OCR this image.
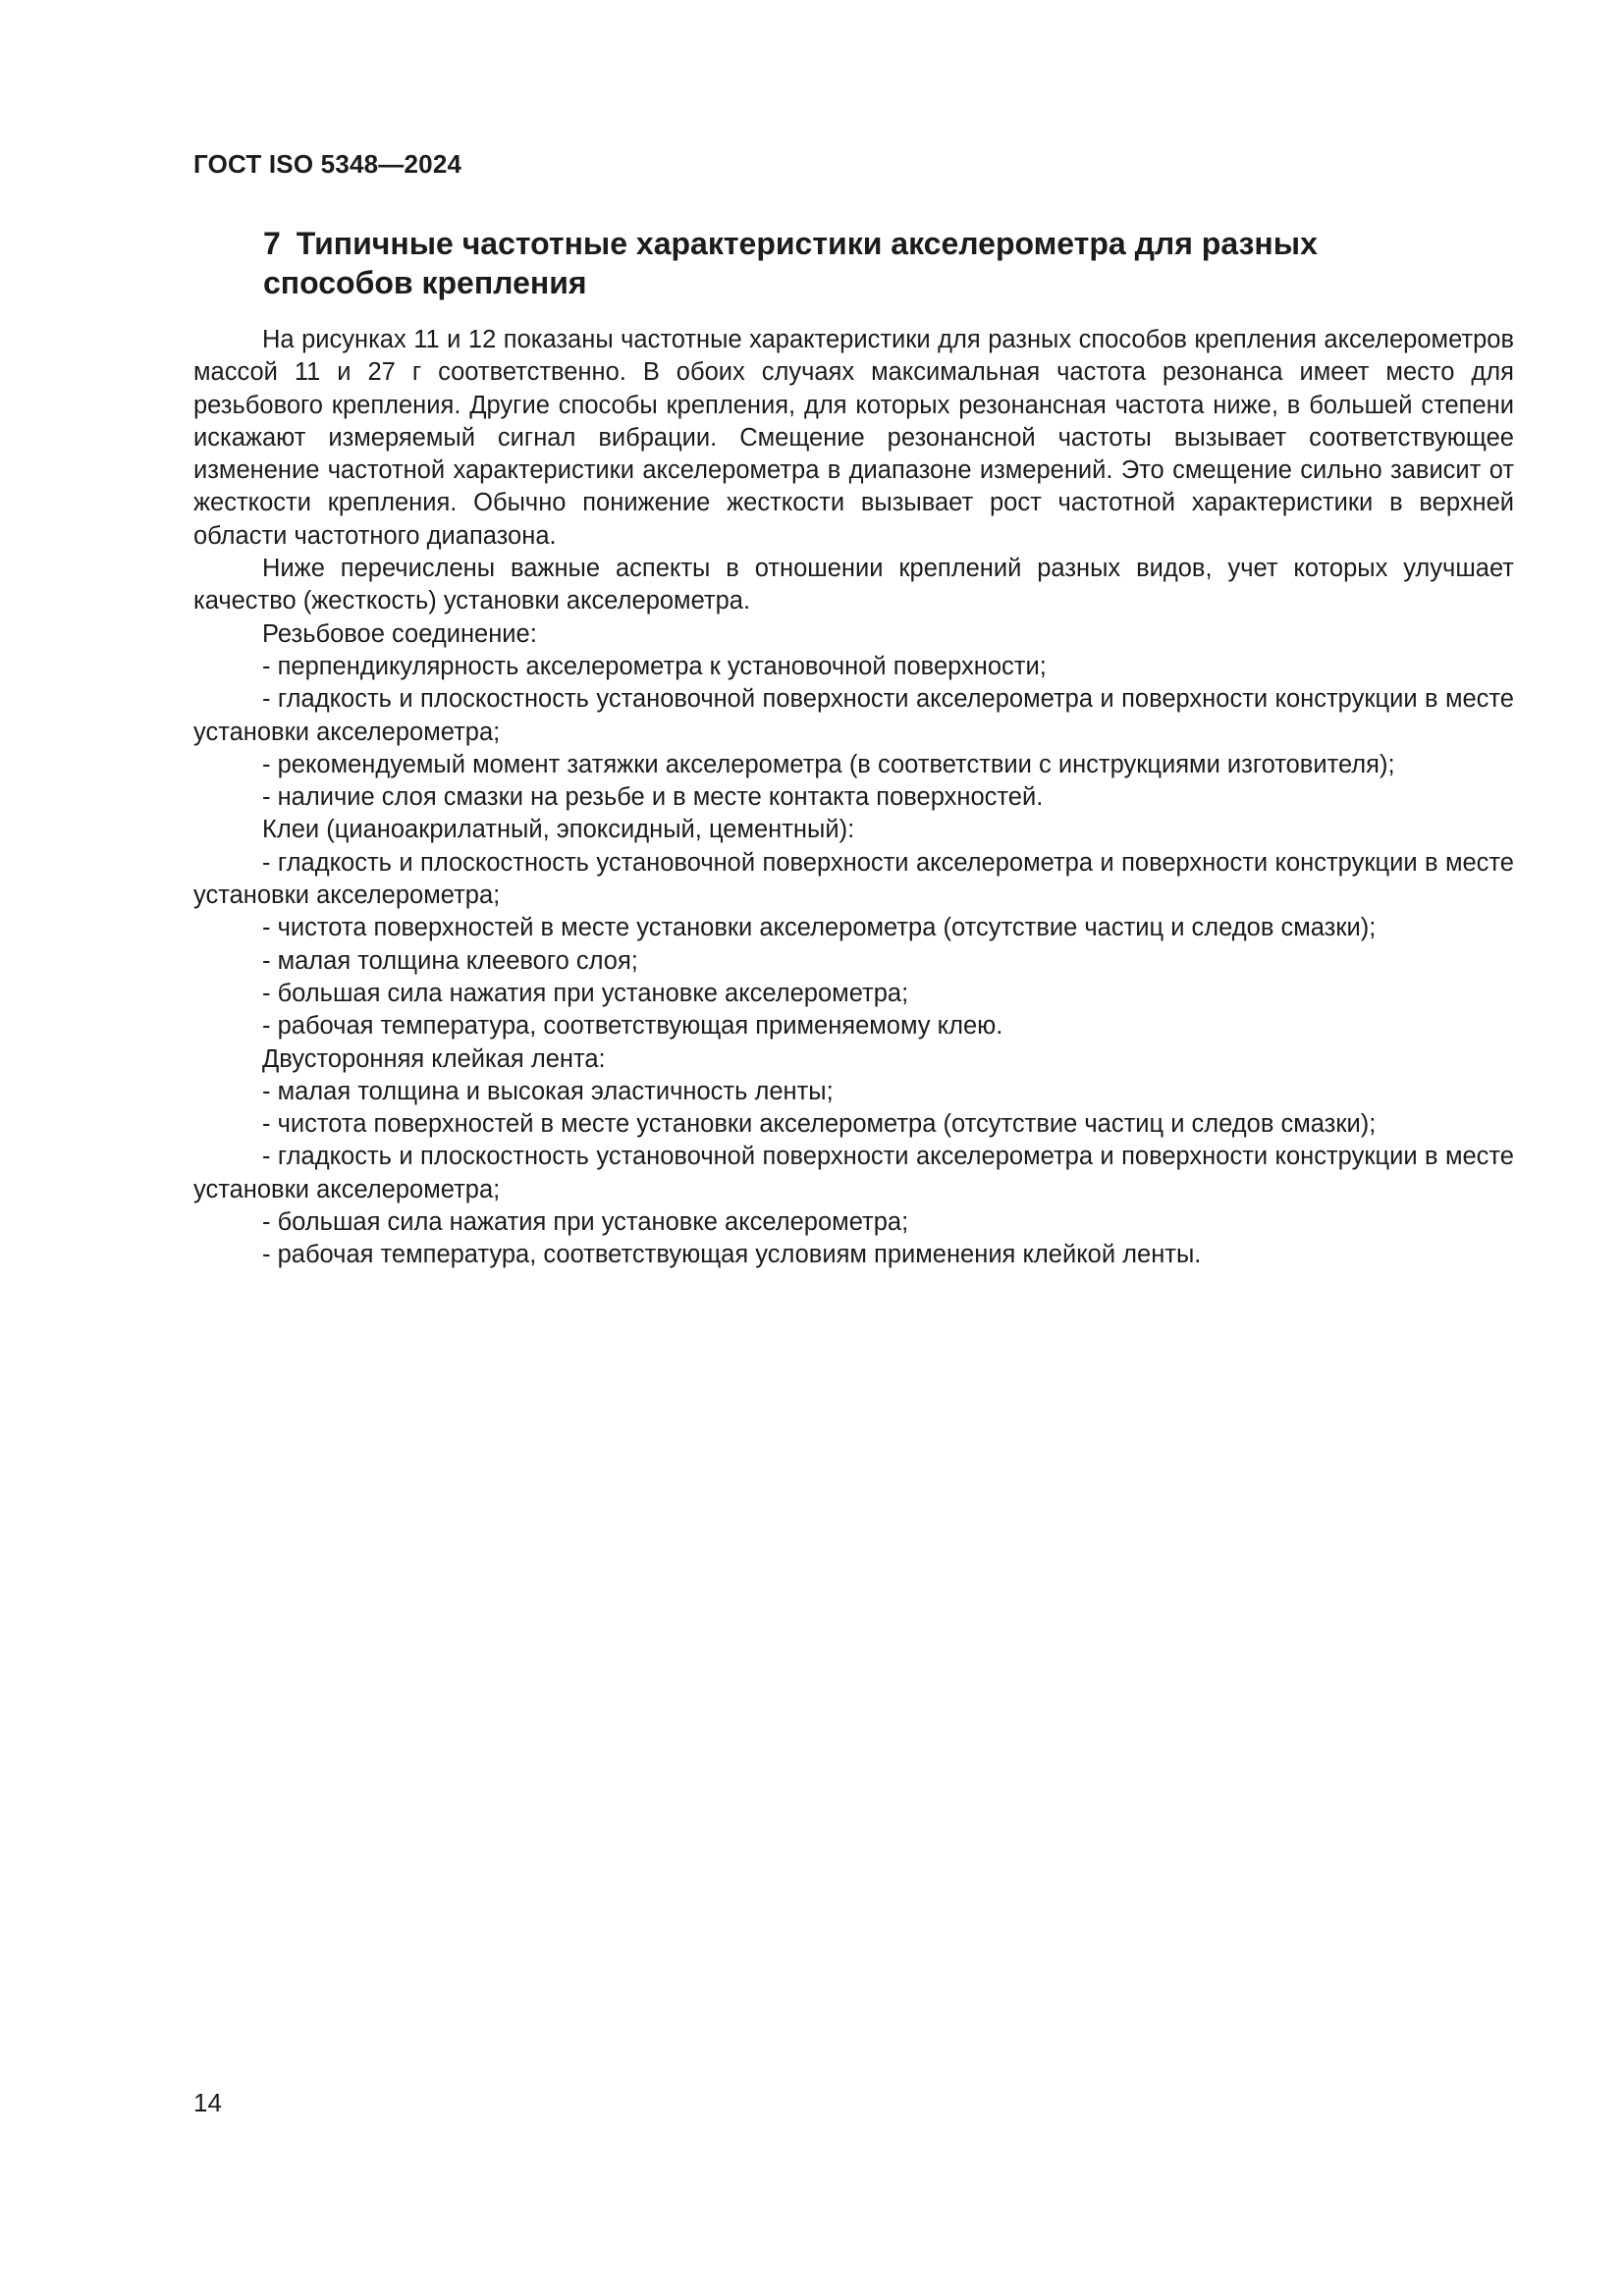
ГОСТ ISO 5348—2024
7 Типичные частотные характеристики акселерометра для разных способов крепления

На рисунках 11 и 12 показаны частотные характеристики для разных способов крепления акселерометров массой 11 и 27 г соответственно. В обоих случаях максимальная частота резонанса имеет место для резьбового крепления. Другие способы крепления, для которых резонансная частота ниже, в большей степени искажают измеряемый сигнал вибрации. Смещение резонансной частоты вызывает соответствующее изменение частотной характеристики акселерометра в диапазоне измерений. Это смещение сильно зависит от жесткости крепления. Обычно понижение жесткости вызывает рост частотной характеристики в верхней области частотного диапазона.

Ниже перечислены важные аспекты в отношении креплений разных видов, учет которых улучшает качество (жесткость) установки акселерометра.

Резьбовое соединение:

- перпендикулярность акселерометра к установочной поверхности;

- гладкость и плоскостность установочной поверхности акселерометра и поверхности конструкции в месте установки акселерометра;

- рекомендуемый момент затяжки акселерометра (в соответствии с инструкциями изготовителя);

- наличие слоя смазки на резьбе и в месте контакта поверхностей.

Клеи (цианоакрилатный, эпоксидный, цементный):

- гладкость и плоскостность установочной поверхности акселерометра и поверхности конструкции в месте установки акселерометра;

- чистота поверхностей в месте установки акселерометра (отсутствие частиц и следов смазки);

- малая толщина клеевого слоя;

- большая сила нажатия при установке акселерометра;

- рабочая температура, соответствующая применяемому клею.

Двусторонняя клейкая лента:

- малая толщина и высокая эластичность ленты;

- чистота поверхностей в месте установки акселерометра (отсутствие частиц и следов смазки);

- гладкость и плоскостность установочной поверхности акселерометра и поверхности конструкции в месте установки акселерометра;

- большая сила нажатия при установке акселерометра;

- рабочая температура, соответствующая условиям применения клейкой ленты.

14
